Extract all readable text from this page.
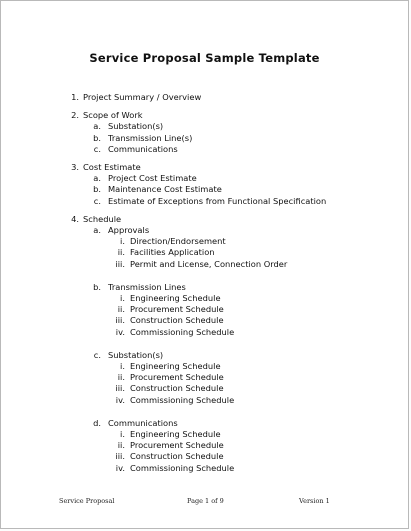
Service Proposal Sample Template
1. Project Summary / Overview
2. Scope of Work
a. Substation(s)
b. Transmission Line(s)
c. Communications
3. Cost Estimate
a. Project Cost Estimate
b. Maintenance Cost Estimate
c. Estimate of Exceptions from Functional Specification
4. Schedule
a. Approvals
i. Direction/Endorsement
ii. Facilities Application
iii. Permit and License, Connection Order
b. Transmission Lines
i. Engineering Schedule
ii. Procurement Schedule
iii. Construction Schedule
iv. Commissioning Schedule
c. Substation(s)
i. Engineering Schedule
ii. Procurement Schedule
iii. Construction Schedule
iv. Commissioning Schedule
d. Communications
i. Engineering Schedule
ii. Procurement Schedule
iii. Construction Schedule
iv. Commissioning Schedule
Service Proposal	Page 1 of 9	Version 1
